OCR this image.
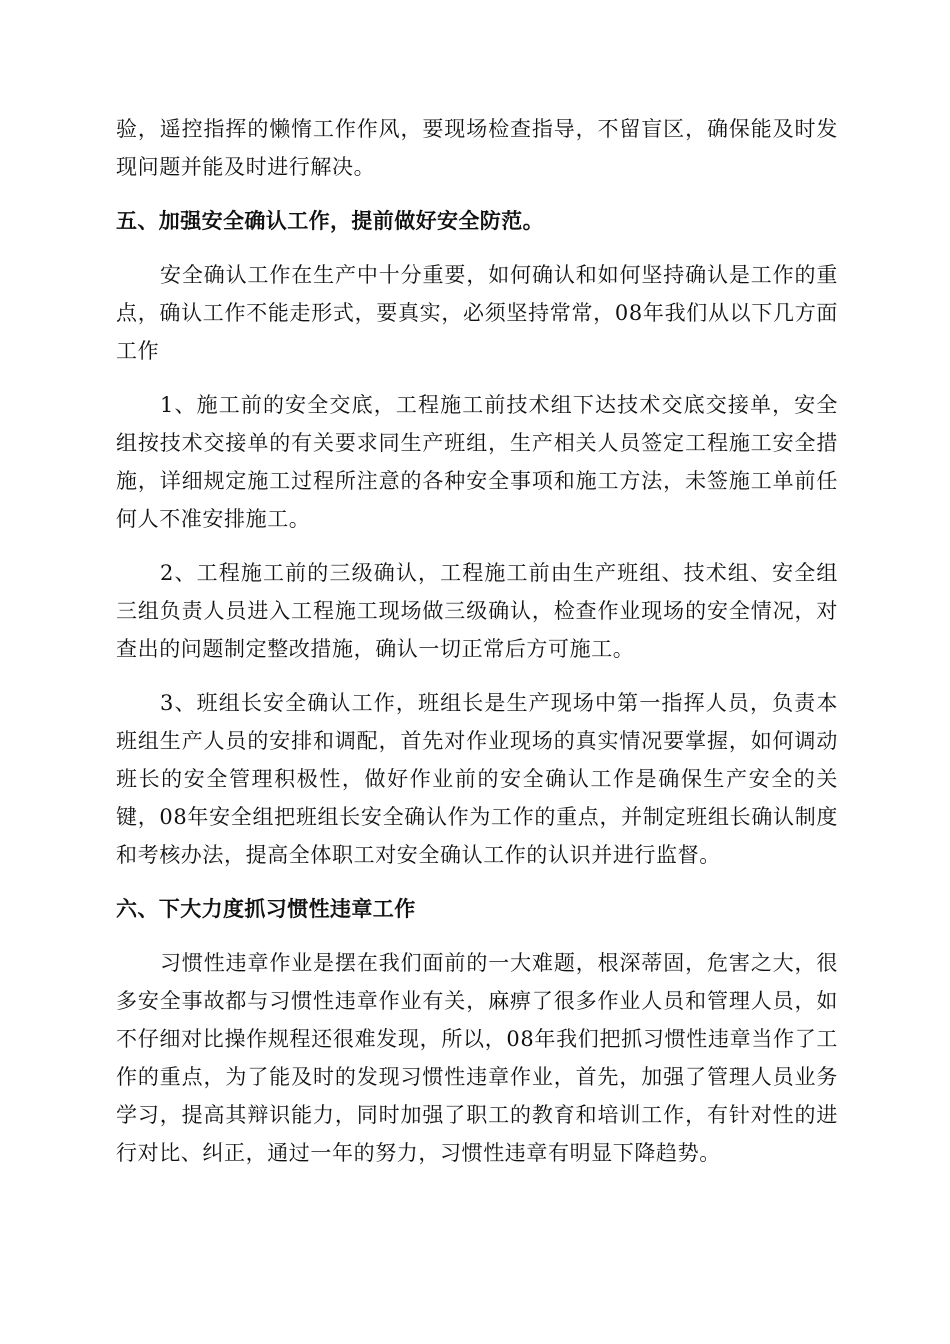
验，遥控指挥的懒惰工作作风，要现场检查指导，不留盲区，确保能及时发现问题并能及时进行解决。

五、加强安全确认工作，提前做好安全防范。

安全确认工作在生产中十分重要，如何确认和如何坚持确认是工作的重点，确认工作不能走形式，要真实，必须坚持常常，08年我们从以下几方面工作

1、施工前的安全交底，工程施工前技术组下达技术交底交接单，安全组按技术交接单的有关要求同生产班组，生产相关人员签定工程施工安全措施，详细规定施工过程所注意的各种安全事项和施工方法，未签施工单前任何人不准安排施工。

2、工程施工前的三级确认，工程施工前由生产班组、技术组、安全组三组负责人员进入工程施工现场做三级确认，检查作业现场的安全情况，对查出的问题制定整改措施，确认一切正常后方可施工。

3、班组长安全确认工作，班组长是生产现场中第一指挥人员，负责本班组生产人员的安排和调配，首先对作业现场的真实情况要掌握，如何调动班长的安全管理积极性，做好作业前的安全确认工作是确保生产安全的关键，08年安全组把班组长安全确认作为工作的重点，并制定班组长确认制度和考核办法，提高全体职工对安全确认工作的认识并进行监督。

六、下大力度抓习惯性违章工作

习惯性违章作业是摆在我们面前的一大难题，根深蒂固，危害之大，很多安全事故都与习惯性违章作业有关，麻痹了很多作业人员和管理人员，如不仔细对比操作规程还很难发现，所以，08年我们把抓习惯性违章当作了工作的重点，为了能及时的发现习惯性违章作业，首先，加强了管理人员业务学习，提高其辩识能力，同时加强了职工的教育和培训工作，有针对性的进行对比、纠正，通过一年的努力，习惯性违章有明显下降趋势。
